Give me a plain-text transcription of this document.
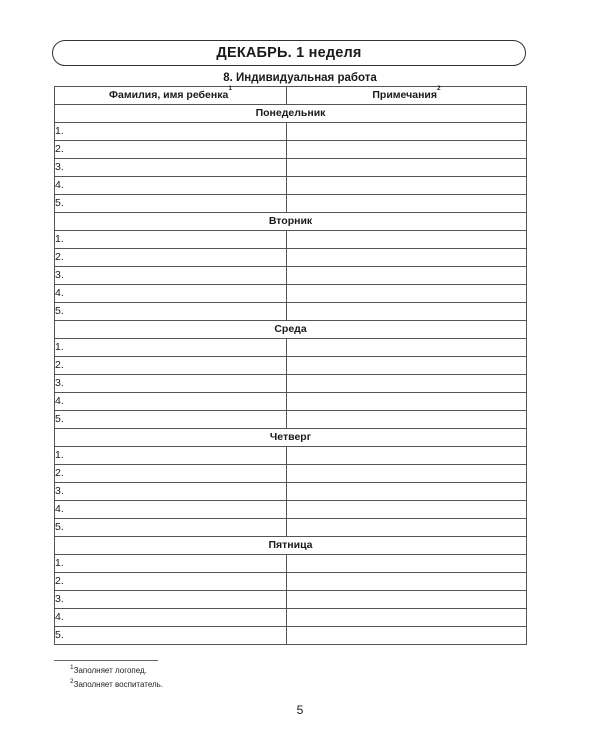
ДЕКАБРЬ. 1 неделя
8. Индивидуальная работа
Фамилия, имя ребенка$^1$	Примечания$^2$
Понедельник	
1.	
2.	
3.	
4.	
5.	
Вторник	
1.	
2.	
3.	
4.	
5.	
Среда	
1.	
2.	
3.	
4.	
5.	
Четверг	
1.	
2.	
3.	
4.	
5.	
Пятница	
1.	
2.	
3.	
4.	
5.	
$^1$Заполняет логопед.
$^2$Заполняет воспитатель.
5
